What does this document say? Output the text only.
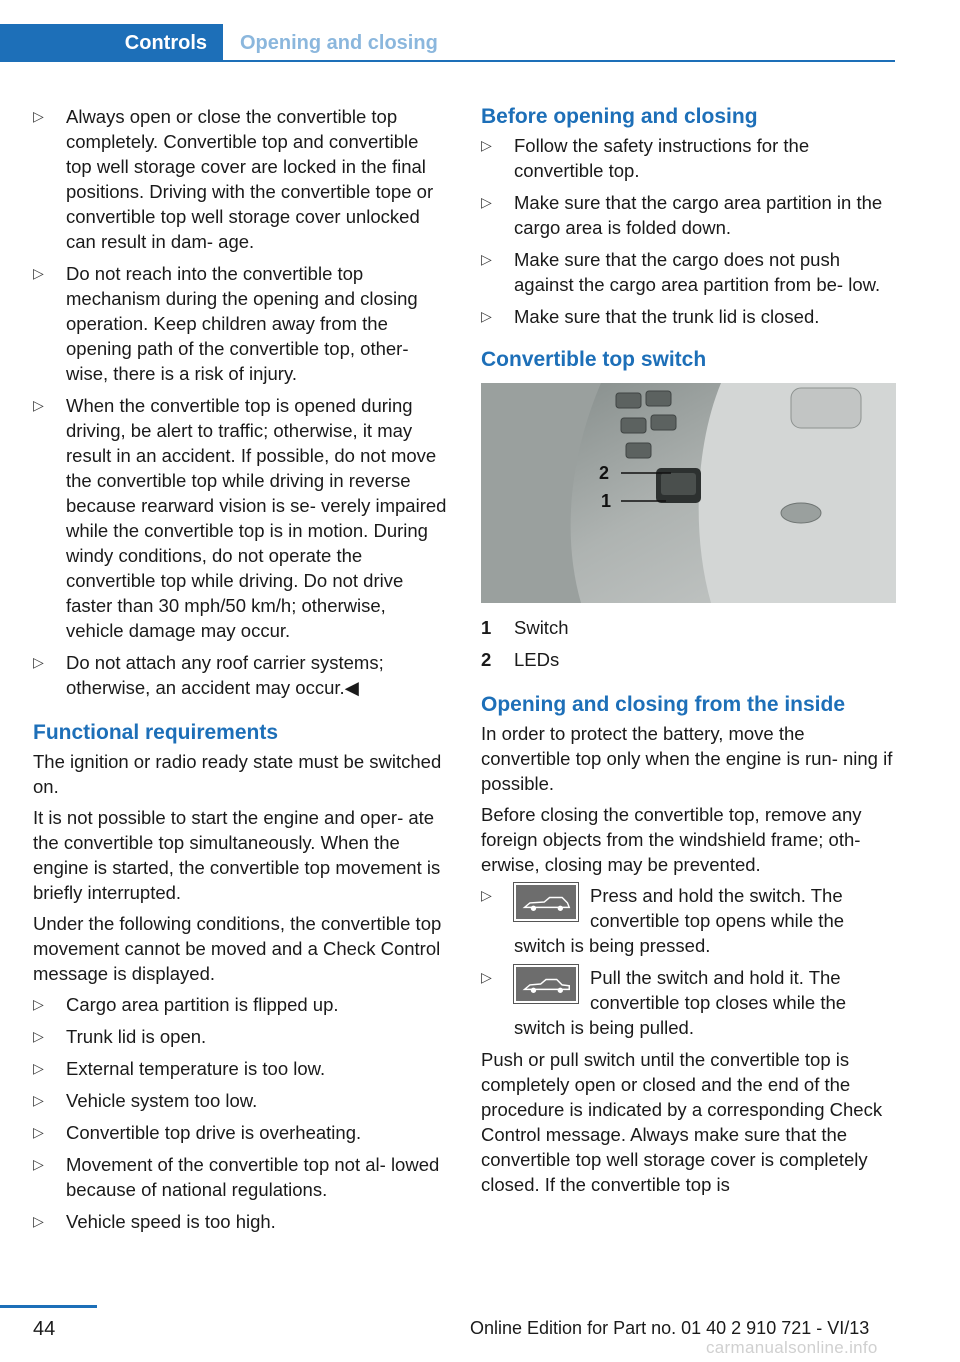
Controls Opening and closing
▷ Always open or close the convertible top completely. Convertible top and convertible top well storage cover are locked in the final positions. Driving with the convertible tope or convertible top well storage cover unlocked can result in dam‐ age.
▷ Do not reach into the convertible top mechanism during the opening and closing operation. Keep children away from the opening path of the convertible top, other‐ wise, there is a risk of injury.
▷ When the convertible top is opened during driving, be alert to traffic; otherwise, it may result in an accident. If possible, do not move the convertible top while driving in reverse because rearward vision is se‐ verely impaired while the convertible top is in motion. During windy conditions, do not operate the convertible top while driving. Do not drive faster than 30 mph/50 km/h; otherwise, vehicle damage may occur.
▷ Do not attach any roof carrier systems; otherwise, an accident may occur.◀
Functional requirements

The ignition or radio ready state must be switched on.

It is not possible to start the engine and oper‐ ate the convertible top simultaneously. When the engine is started, the convertible top movement is briefly interrupted.

Under the following conditions, the convertible top movement cannot be moved and a Check Control message is displayed.

▷ Cargo area partition is flipped up.
▷ Trunk lid is open.
▷ External temperature is too low.
▷ Vehicle system too low.
▷ Convertible top drive is overheating.
▷ Movement of the convertible top not al‐ lowed because of national regulations.
▷ Vehicle speed is too high.
Before opening and closing
▷ Follow the safety instructions for the convertible top.
▷ Make sure that the cargo area partition in the cargo area is folded down.
▷ Make sure that the cargo does not push against the cargo area partition from be‐ low.
▷ Make sure that the trunk lid is closed.
Convertible top switch
2
1
1	Switch
2	LEDs
Opening and closing from the inside

In order to protect the battery, move the convertible top only when the engine is run‐ ning if possible.

Before closing the convertible top, remove any foreign objects from the windshield frame; oth‐ erwise, closing may be prevented.

▷	Press and hold the switch. The convertible top opens while the switch is being pressed.
▷	Pull the switch and hold it. The convertible top closes while the switch is being pulled.

Push or pull switch until the convertible top is completely open or closed and the end of the procedure is indicated by a corresponding Check Control message. Always make sure that the convertible top well storage cover is completely closed. If the convertible top is

44	Online Edition for Part no. 01 40 2 910 721 - VI/13
carmanualsonline.info
